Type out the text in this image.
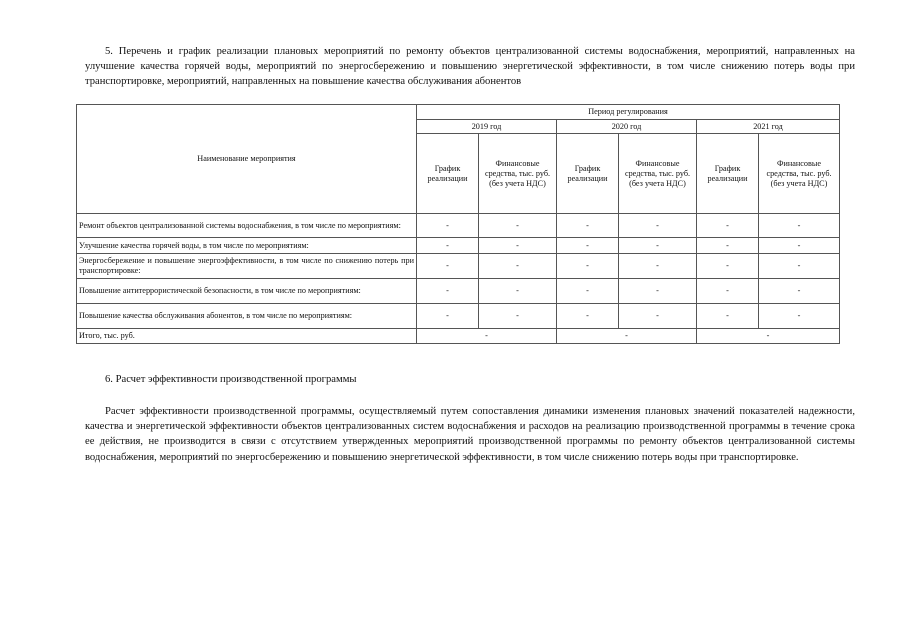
5. Перечень и график реализации плановых мероприятий по ремонту объектов централизованной системы водоснабжения, мероприятий, направленных на улучшение качества горячей воды, мероприятий по энергосбережению и повышению энергетической эффективности, в том числе снижению потерь воды при транспортировке, мероприятий, направленных на повышение качества обслуживания абонентов

Наименование мероприятия	Период регулирования					
	2019 год		2020 год		2021 год	
	График реализации	Финансовые средства, тыс. руб. (без учета НДС)	График реализации	Финансовые средства, тыс. руб. (без учета НДС)	График реализации	Финансовые средства, тыс. руб. (без учета НДС)
Ремонт объектов централизованной системы водоснабжения, в том числе по мероприятиям:	-	-	-	-	-	-
Улучшение качества горячей воды, в том числе по мероприятиям:	-	-	-	-	-	-
Энергосбережение и повышение энергоэффективности, в том числе по снижению потерь при транспортировке:	-	-	-	-	-	-
Повышение антитеррористической безопасности, в том числе по мероприятиям:	-	-	-	-	-	-
Повышение качества обслуживания абонентов, в том числе по мероприятиям:	-	-	-	-	-	-
Итого, тыс. руб.	-		-		-	

6. Расчет эффективности производственной программы

Расчет эффективности производственной программы, осуществляемый путем сопоставления динамики изменения плановых значений показателей надежности, качества и энергетической эффективности объектов централизованных систем водоснабжения и расходов на реализацию производственной программы в течение срока ее действия, не производится в связи с отсутствием утвержденных мероприятий производственной программы по ремонту объектов централизованной системы водоснабжения, мероприятий по энергосбережению и повышению энергетической эффективности, в том числе снижению потерь воды при транспортировке.
